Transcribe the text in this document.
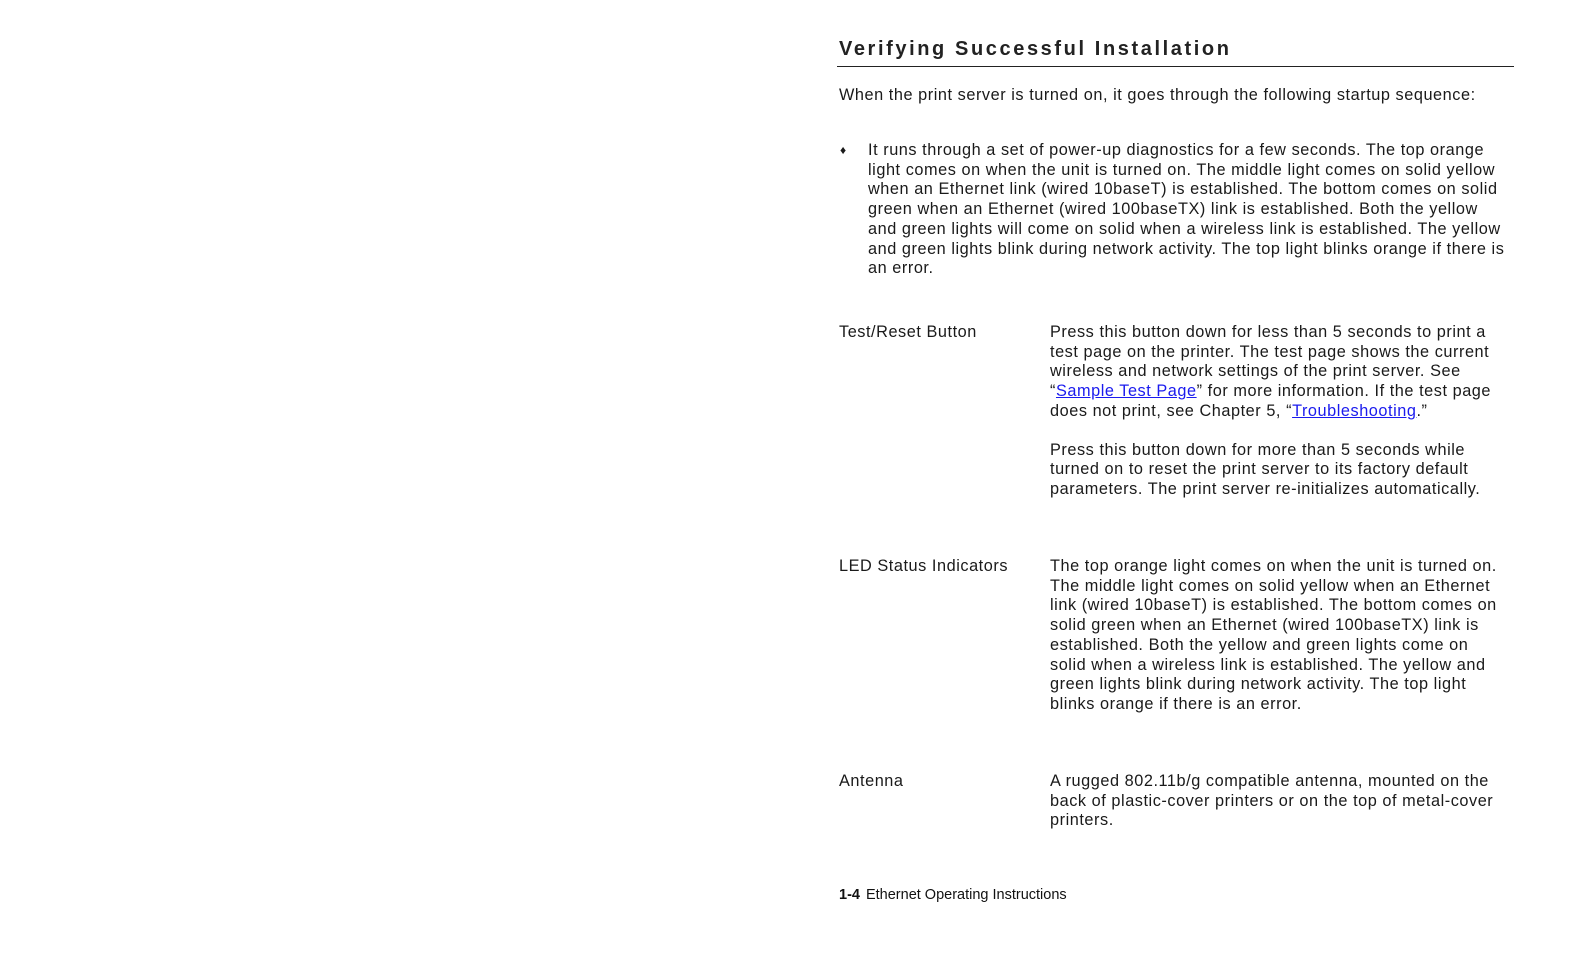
Verifying Successful Installation

When the print server is turned on, it goes through the following startup sequence:

♦	It runs through a set of power-up diagnostics for a few seconds. The top orange light comes on when the unit is turned on. The middle light comes on solid yellow when an Ethernet link (wired 10baseT) is established. The bottom comes on solid green when an Ethernet (wired 100baseTX) link is established. Both the yellow and green lights will come on solid when a wireless link is established. The yellow and green lights blink during network activity. The top light blinks orange if there is an error.
Test/Reset Button	Press this button down for less than 5 seconds to print a test page on the printer. The test page shows the current wireless and network settings of the print server. See “Sample Test Page” for more information. If the test page does not print, see Chapter 5, “Troubleshooting.”

Press this button down for more than 5 seconds while turned on to reset the print server to its factory default parameters. The print server re-initializes automatically.

LED Status Indicators	The top orange light comes on when the unit is turned on. The middle light comes on solid yellow when an Ethernet link (wired 10baseT) is established. The bottom comes on solid green when an Ethernet (wired 100baseTX) link is established. Both the yellow and green lights come on solid when a wireless link is established. The yellow and green lights blink during network activity. The top light blinks orange if there is an error.

Antenna	A rugged 802.11b/g compatible antenna, mounted on the back of plastic-cover printers or on the top of metal-cover printers.

1-4 Ethernet Operating Instructions
